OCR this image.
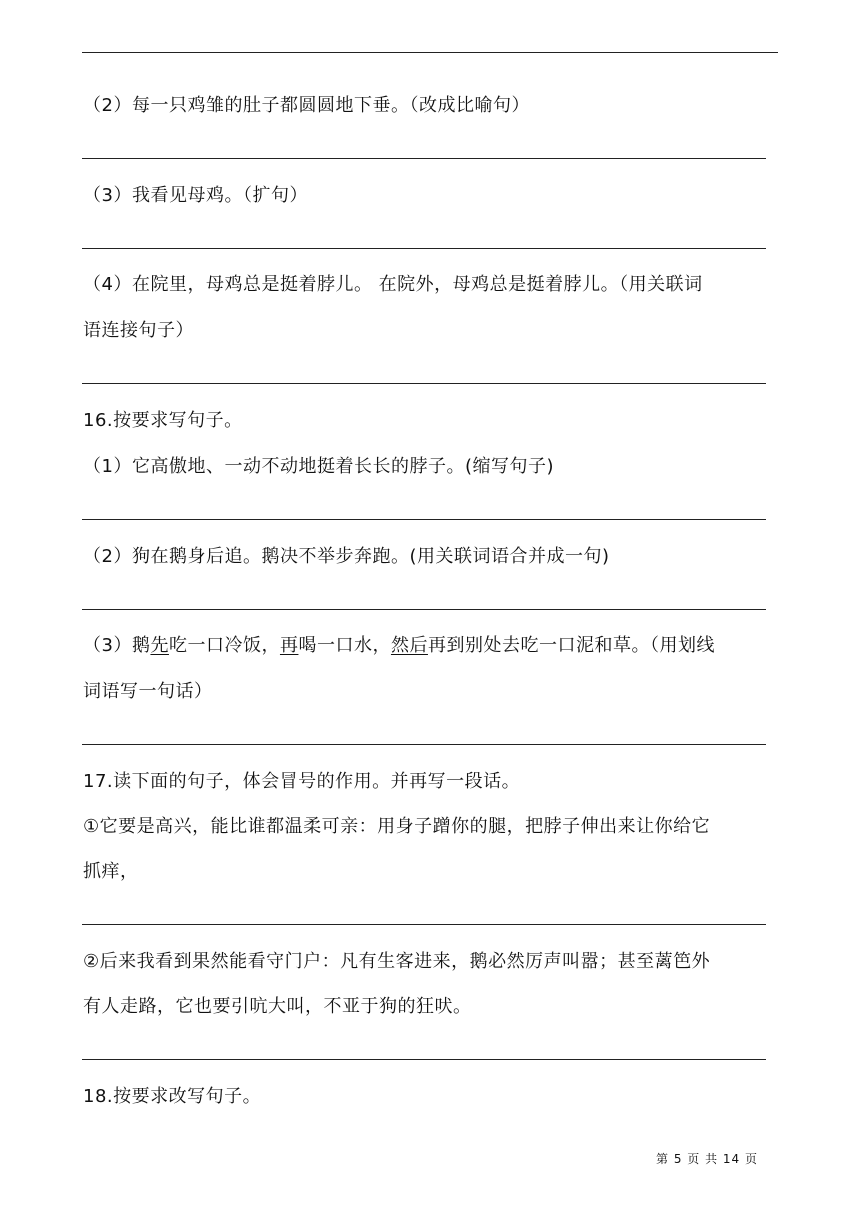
（2）每一只鸡雏的肚子都圆圆地下垂。（改成比喻句）
（3）我看见母鸡。（扩句）
（4）在院里，母鸡总是挺着脖儿。 在院外，母鸡总是挺着脖儿。（用关联词
语连接句子）
16.按要求写句子。
（1）它高傲地、一动不动地挺着长长的脖子。(缩写句子)
（2）狗在鹅身后追。鹅决不举步奔跑。(用关联词语合并成一句)
（3）鹅先吃一口冷饭，再喝一口水，然后再到别处去吃一口泥和草。（用划线
词语写一句话）
17.读下面的句子，体会冒号的作用。并再写一段话。
①它要是高兴，能比谁都温柔可亲：用身子蹭你的腿，把脖子伸出来让你给它
抓痒，
②后来我看到果然能看守门户：凡有生客进来，鹅必然厉声叫嚣；甚至蓠笆外
有人走路，它也要引吭大叫，不亚于狗的狂吠。
18.按要求改写句子。
第 5 页 共 14 页
